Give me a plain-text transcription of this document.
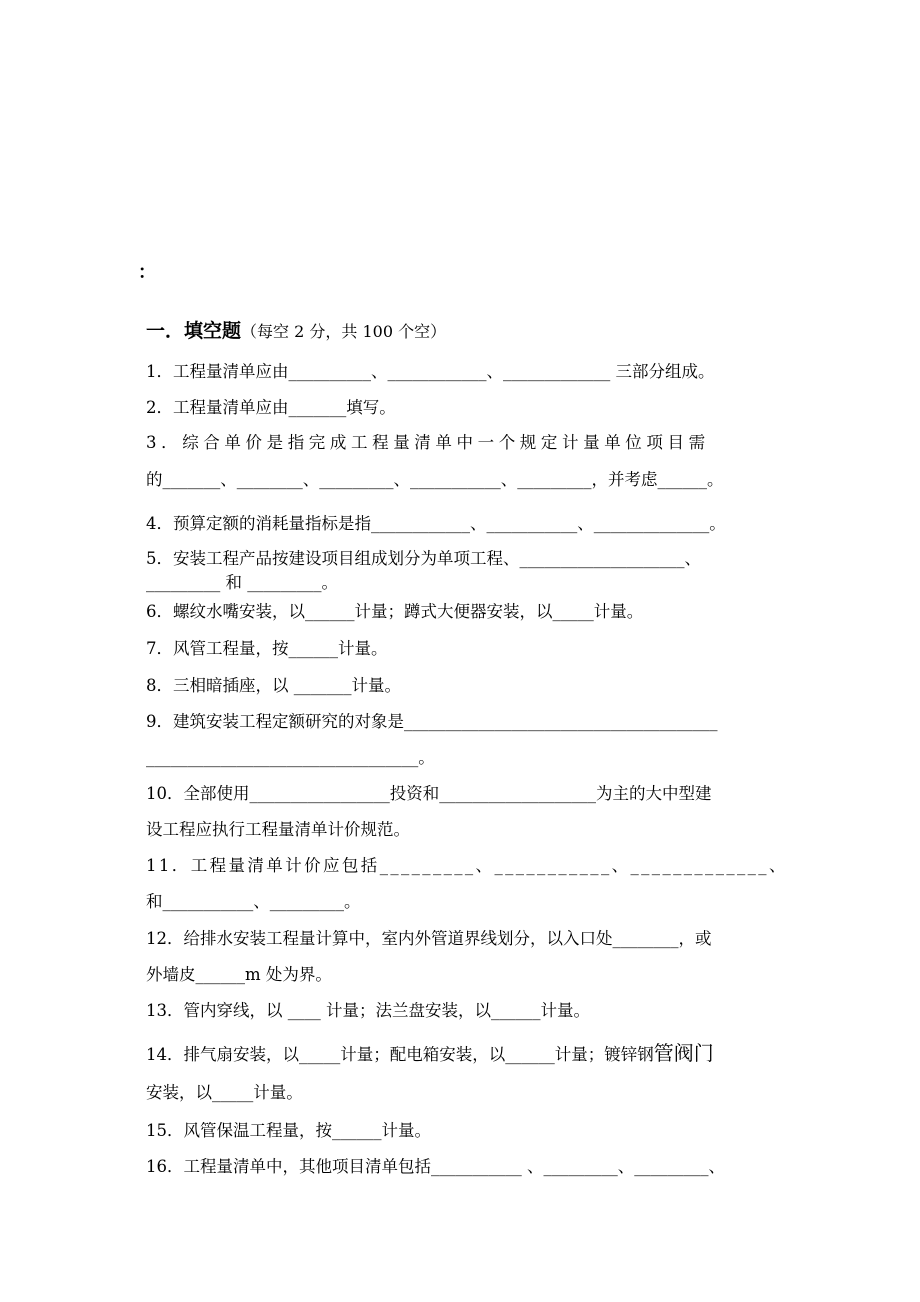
：
一．填空题（每空 2 分，共 100 个空）
1．工程量清单应由__________、____________、_____________ 三部分组成。
2．工程量清单应由_______填写。
3．综合单价是指完成工程量清单中一个规定计量单位项目需
的_______、________、_________、___________、_________，并考虑______。
4．预算定额的消耗量指标是指____________、___________、______________。
5．安装工程产品按建设项目组成划分为单项工程、____________________、
_________ 和 _________。
6．螺纹水嘴安装，以______计量；蹲式大便器安装，以_____计量。
7．风管工程量，按______计量。
8．三相暗插座，以 _______计量。
9．建筑安装工程定额研究的对象是______________________________________
_________________________________。
10．全部使用_________________投资和___________________为主的大中型建
设工程应执行工程量清单计价规范。
11．工程量清单计价应包括_________、___________、_____________、
和___________、_________。
12．给排水安装工程量计算中，室内外管道界线划分，以入口处________，或
外墙皮______m 处为界。
13．管内穿线，以 ____ 计量；法兰盘安装，以______计量。
14．排气扇安装，以_____计量；配电箱安装，以______计量；镀锌钢管阀门
安装，以_____计量。
15．风管保温工程量，按______计量。
16．工程量清单中，其他项目清单包括___________ 、_________、_________、
